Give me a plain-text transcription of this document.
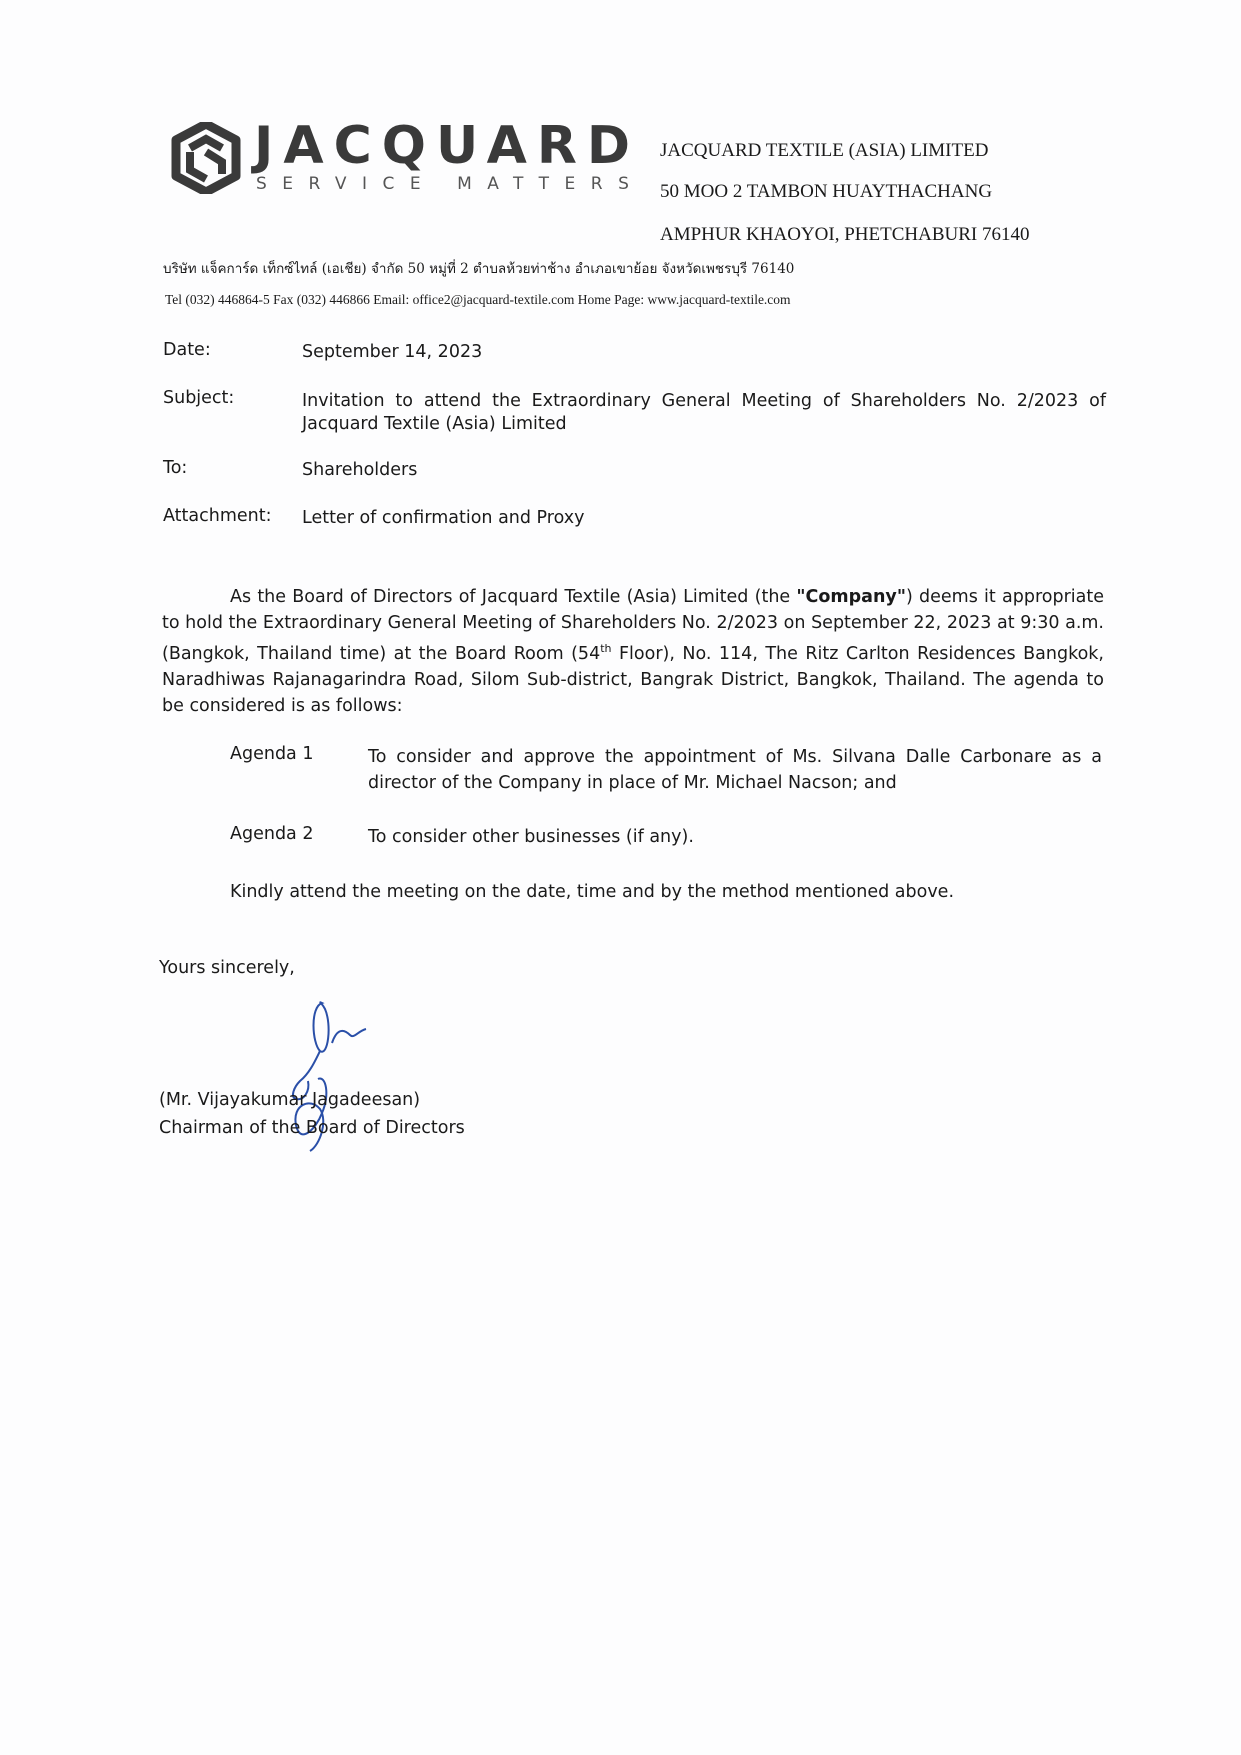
JACQUARD
SERVICE MATTERS
JACQUARD TEXTILE (ASIA) LIMITED
50 MOO 2 TAMBON HUAYTHACHANG
AMPHUR KHAOYOI, PHETCHABURI 76140
บริษัท แจ็คการ์ด เท็กซ์ไทล์ (เอเชีย) จำกัด 50 หมู่ที่ 2 ตำบลห้วยท่าช้าง อำเภอเขาย้อย จังหวัดเพชรบุรี 76140
Tel (032) 446864-5 Fax (032) 446866 Email: office2@jacquard-textile.com Home Page: www.jacquard-textile.com
Date:	September 14, 2023
Subject:	Invitation to attend the Extraordinary General Meeting of Shareholders No. 2/2023 of Jacquard Textile (Asia) Limited
To:	Shareholders
Attachment: Letter of confirmation and Proxy
As the Board of Directors of Jacquard Textile (Asia) Limited (the "Company") deems it appropriate to hold the Extraordinary General Meeting of Shareholders No. 2/2023 on September 22, 2023 at 9:30 a.m. (Bangkok, Thailand time) at the Board Room (54th Floor), No. 114, The Ritz Carlton Residences Bangkok, Naradhiwas Rajanagarindra Road, Silom Sub-district, Bangrak District, Bangkok, Thailand. The agenda to be considered is as follows:
Agenda 1	To consider and approve the appointment of Ms. Silvana Dalle Carbonare as a director of the Company in place of Mr. Michael Nacson; and
Agenda 2	To consider other businesses (if any).
Kindly attend the meeting on the date, time and by the method mentioned above.
Yours sincerely,
(Mr. Vijayakumar Jagadeesan)
Chairman of the Board of Directors
